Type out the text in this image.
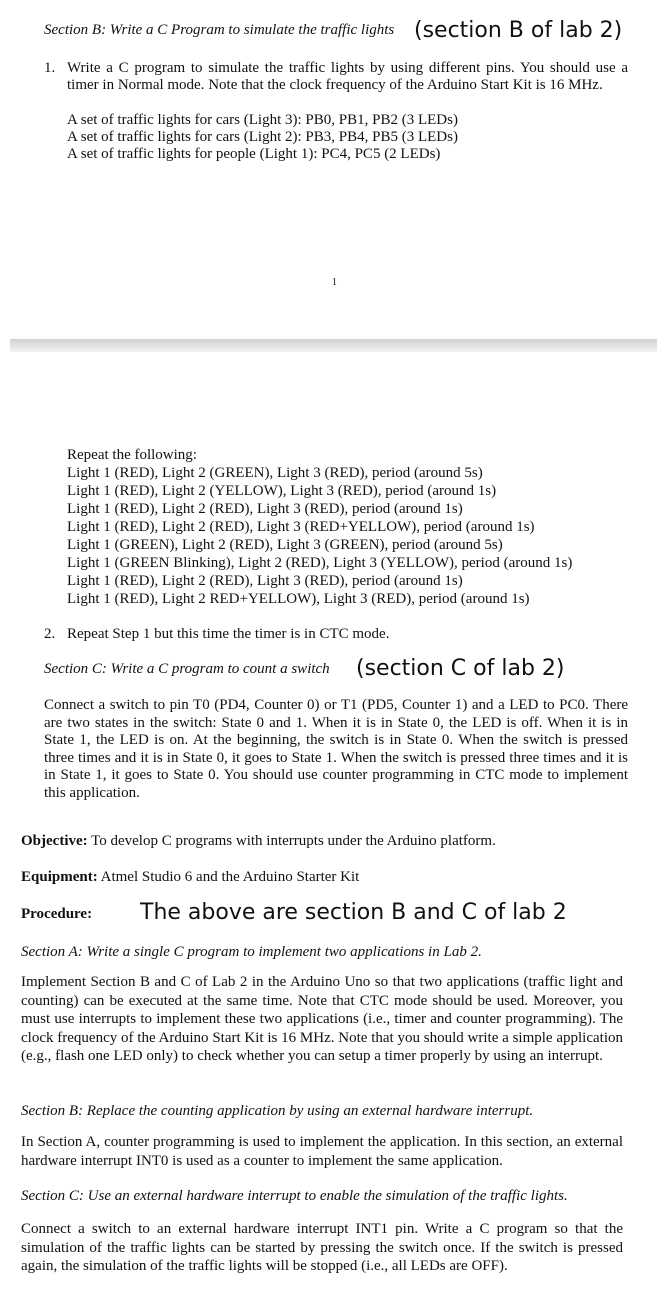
Section B: Write a C Program to simulate the traffic lights (section B of lab 2)
1. Write a C program to simulate the traffic lights by using different pins. You should use a timer in Normal mode. Note that the clock frequency of the Arduino Start Kit is 16 MHz.
A set of traffic lights for cars (Light 3): PB0, PB1, PB2 (3 LEDs)
A set of traffic lights for cars (Light 2): PB3, PB4, PB5 (3 LEDs)
A set of traffic lights for people (Light 1): PC4, PC5 (2 LEDs)
1
Repeat the following:
Light 1 (RED), Light 2 (GREEN), Light 3 (RED), period (around 5s)
Light 1 (RED), Light 2 (YELLOW), Light 3 (RED), period (around 1s)
Light 1 (RED), Light 2 (RED), Light 3 (RED), period (around 1s)
Light 1 (RED), Light 2 (RED), Light 3 (RED+YELLOW), period (around 1s)
Light 1 (GREEN), Light 2 (RED), Light 3 (GREEN), period (around 5s)
Light 1 (GREEN Blinking), Light 2 (RED), Light 3 (YELLOW), period (around 1s)
Light 1 (RED), Light 2 (RED), Light 3 (RED), period (around 1s)
Light 1 (RED), Light 2 RED+YELLOW), Light 3 (RED), period (around 1s)
2. Repeat Step 1 but this time the timer is in CTC mode.
Section C: Write a C program to count a switch (section C of lab 2)
Connect a switch to pin T0 (PD4, Counter 0) or T1 (PD5, Counter 1) and a LED to PC0. There are two states in the switch: State 0 and 1. When it is in State 0, the LED is off. When it is in State 1, the LED is on. At the beginning, the switch is in State 0. When the switch is pressed three times and it is in State 0, it goes to State 1. When the switch is pressed three times and it is in State 1, it goes to State 0. You should use counter programming in CTC mode to implement this application.
Objective: To develop C programs with interrupts under the Arduino platform.
Equipment: Atmel Studio 6 and the Arduino Starter Kit
Procedure: The above are section B and C of lab 2
Section A: Write a single C program to implement two applications in Lab 2.
Implement Section B and C of Lab 2 in the Arduino Uno so that two applications (traffic light and counting) can be executed at the same time. Note that CTC mode should be used. Moreover, you must use interrupts to implement these two applications (i.e., timer and counter programming). The clock frequency of the Arduino Start Kit is 16 MHz. Note that you should write a simple application (e.g., flash one LED only) to check whether you can setup a timer properly by using an interrupt.
Section B: Replace the counting application by using an external hardware interrupt.
In Section A, counter programming is used to implement the application. In this section, an external hardware interrupt INT0 is used as a counter to implement the same application.
Section C: Use an external hardware interrupt to enable the simulation of the traffic lights.
Connect a switch to an external hardware interrupt INT1 pin. Write a C program so that the simulation of the traffic lights can be started by pressing the switch once. If the switch is pressed again, the simulation of the traffic lights will be stopped (i.e., all LEDs are OFF).
